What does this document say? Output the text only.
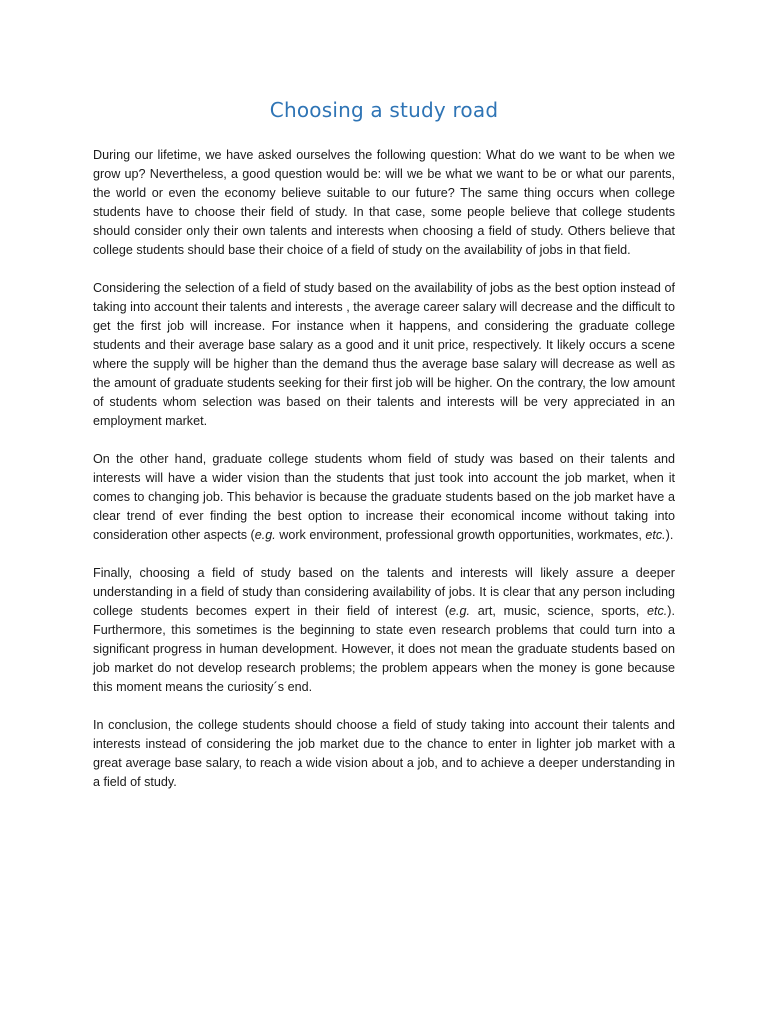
Choosing a study road

During our lifetime, we have asked ourselves the following question: What do we want to be when we grow up? Nevertheless, a good question would be: will we be what we want to be or what our parents, the world or even the economy believe suitable to our future? The same thing occurs when college students have to choose their field of study. In that case, some people believe that college students should consider only their own talents and interests when choosing a field of study. Others believe that college students should base their choice of a field of study on the availability of jobs in that field.

Considering the selection of a field of study based on the availability of jobs as the best option instead of taking into account their talents and interests , the average career salary will decrease and the difficult to get the first job will increase. For instance when it happens, and considering the graduate college students and their average base salary as a good and it unit price, respectively. It likely occurs a scene where the supply will be higher than the demand thus the average base salary will decrease as well as the amount of graduate students seeking for their first job will be higher. On the contrary, the low amount of students whom selection was based on their talents and interests will be very appreciated in an employment market.

On the other hand, graduate college students whom field of study was based on their talents and interests will have a wider vision than the students that just took into account the job market, when it comes to changing job. This behavior is because the graduate students based on the job market have a clear trend of ever finding the best option to increase their economical income without taking into consideration other aspects (e.g. work environment, professional growth opportunities, workmates, etc.).

Finally, choosing a field of study based on the talents and interests will likely assure a deeper understanding in a field of study than considering availability of jobs. It is clear that any person including college students becomes expert in their field of interest (e.g. art, music, science, sports, etc.). Furthermore, this sometimes is the beginning to state even research problems that could turn into a significant progress in human development. However, it does not mean the graduate students based on job market do not develop research problems; the problem appears when the money is gone because this moment means the curiosity´s end.

In conclusion, the college students should choose a field of study taking into account their talents and interests instead of considering the job market due to the chance to enter in lighter job market with a great average base salary, to reach a wide vision about a job, and to achieve a deeper understanding in a field of study.
